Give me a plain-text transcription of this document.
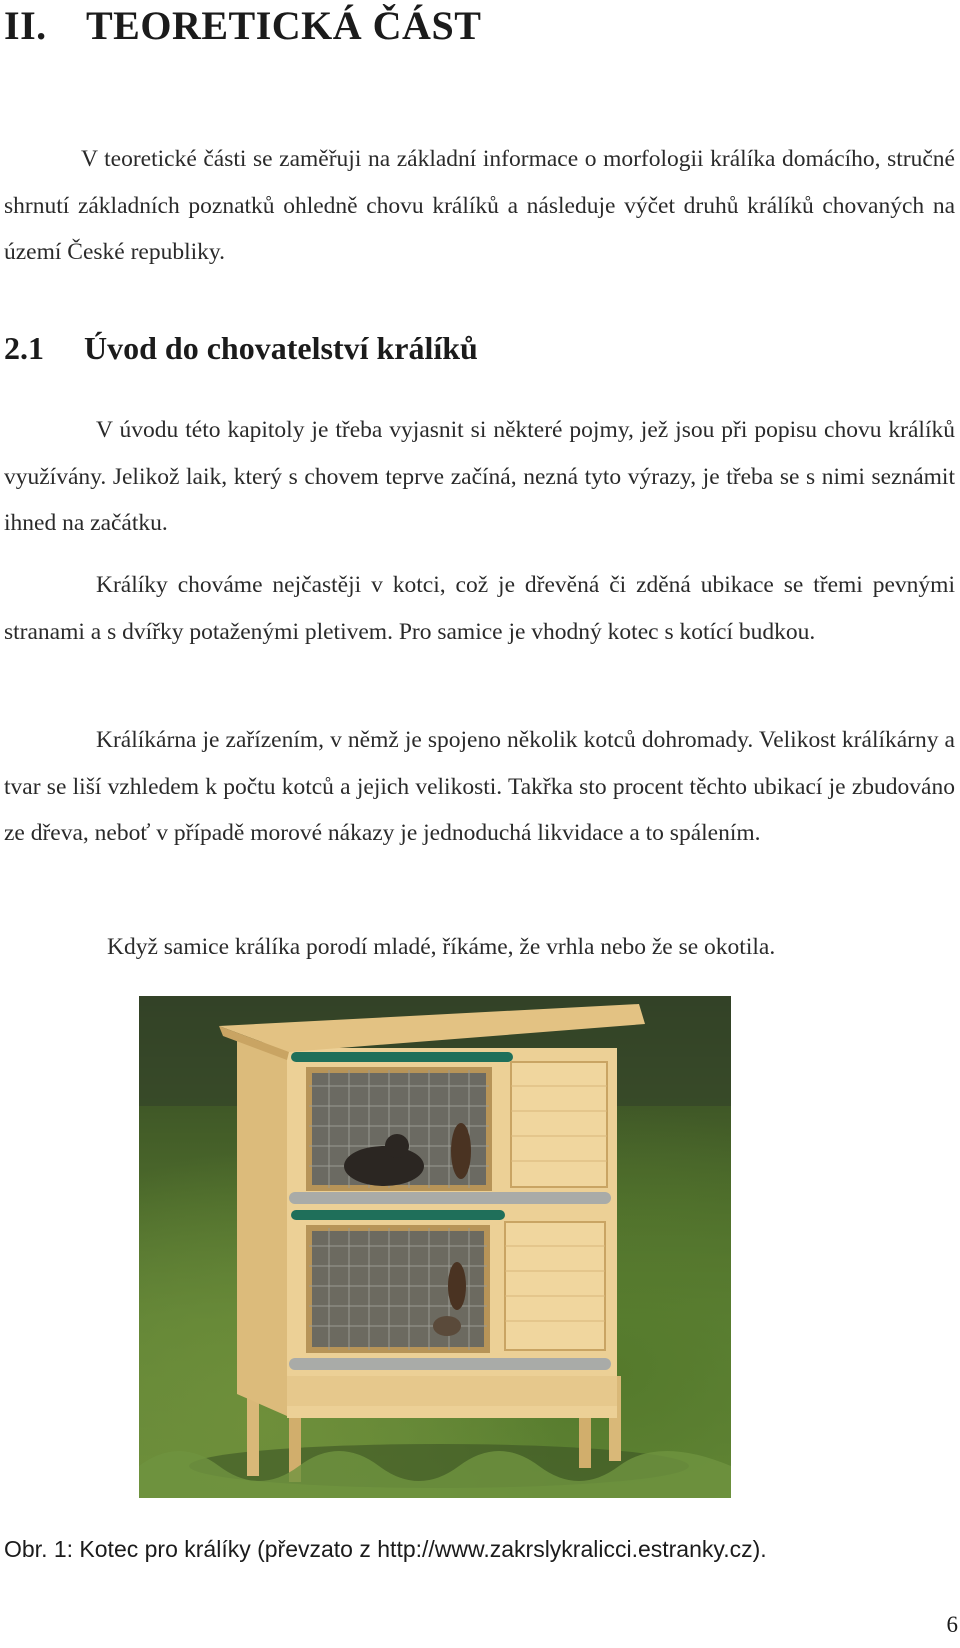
II. TEORETICKÁ ČÁST

V teoretické části se zaměřuji na základní informace o morfologii králíka domácího, stručné shrnutí základních poznatků ohledně chovu králíků a následuje výčet druhů králíků chovaných na území České republiky.

2.1 Úvod do chovatelství králíků

V úvodu této kapitoly je třeba vyjasnit si některé pojmy, jež jsou při popisu chovu králíků využívány. Jelikož laik, který s chovem teprve začíná, nezná tyto výrazy, je třeba se s nimi seznámit ihned na začátku.

Králíky chováme nejčastěji v kotci, což je dřevěná či zděná ubikace se třemi pevnými stranami a s dvířky potaženými pletivem. Pro samice je vhodný kotec s kotící budkou.

Králíkárna je zařízením, v němž je spojeno několik kotců dohromady. Velikost králíkárny a tvar se liší vzhledem k počtu kotců a jejich velikosti. Takřka sto procent těchto ubikací je zbudováno ze dřeva, neboť v případě morové nákazy je jednoduchá likvidace a to spálením.

Když samice králíka porodí mladé, říkáme, že vrhla nebo že se okotila.

Obr. 1: Kotec pro králíky (převzato z http://www.zakrslykralicci.estranky.cz).

6
